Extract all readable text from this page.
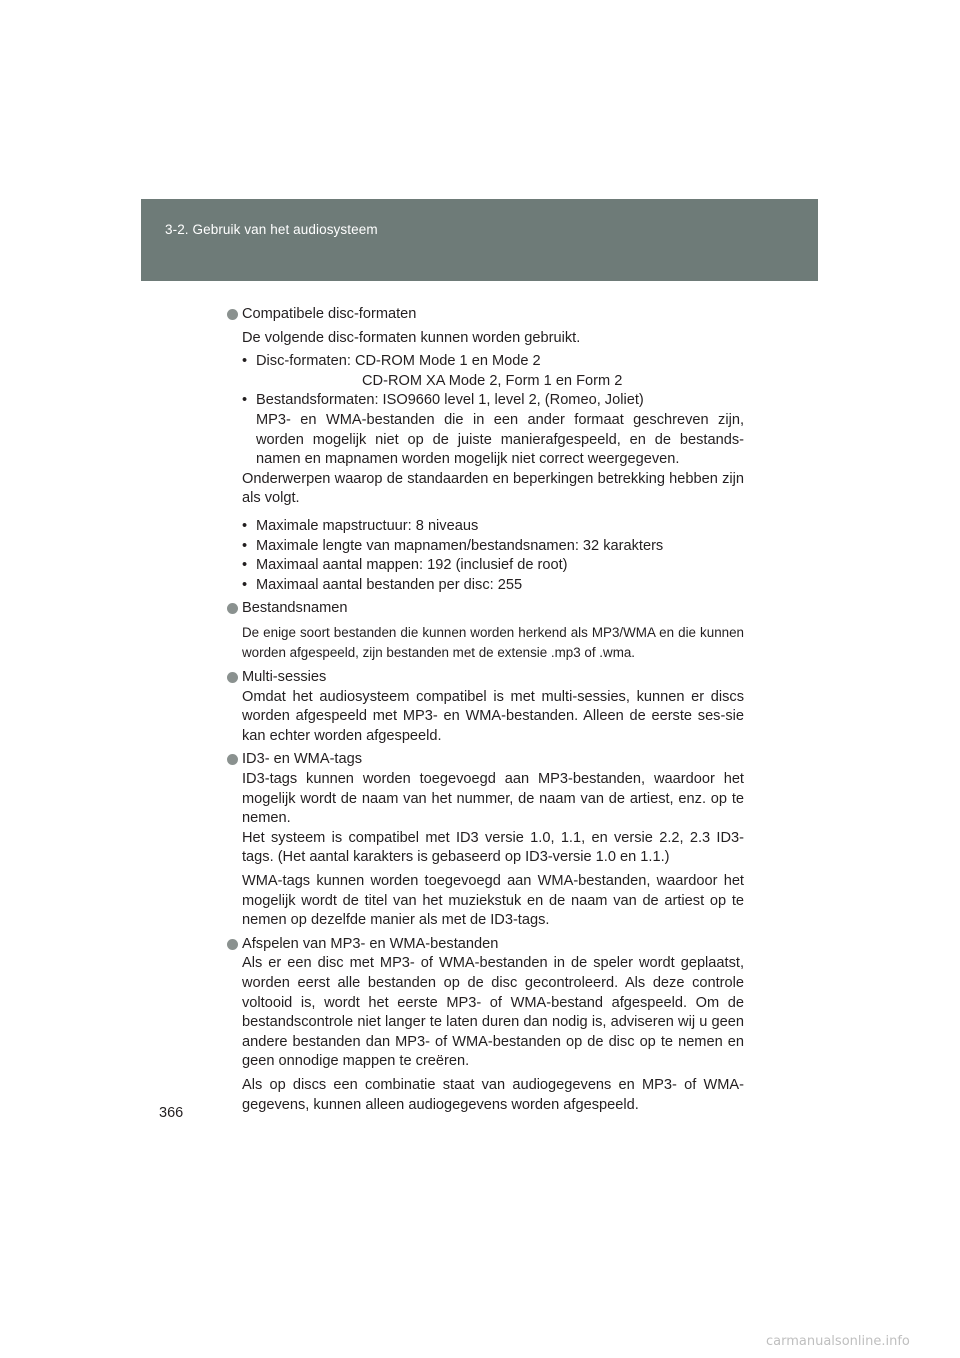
3-2. Gebruik van het audiosysteem
Compatibele disc-formaten
De volgende disc-formaten kunnen worden gebruikt.
• Disc-formaten: CD-ROM Mode 1 en Mode 2
CD-ROM XA Mode 2, Form 1 en Form 2
• Bestandsformaten: ISO9660 level 1, level 2, (Romeo, Joliet)
MP3- en WMA-bestanden die in een ander formaat geschreven zijn, worden mogelijk niet op de juiste manierafgespeeld, en de bestands-namen en mapnamen worden mogelijk niet correct weergegeven.
Onderwerpen waarop de standaarden en beperkingen betrekking hebben zijn als volgt.
• Maximale mapstructuur: 8 niveaus
• Maximale lengte van mapnamen/bestandsnamen: 32 karakters
• Maximaal aantal mappen: 192 (inclusief de root)
• Maximaal aantal bestanden per disc: 255
Bestandsnamen
De enige soort bestanden die kunnen worden herkend als MP3/WMA en die kunnen worden afgespeeld, zijn bestanden met de extensie .mp3 of .wma.
Multi-sessies
Omdat het audiosysteem compatibel is met multi-sessies, kunnen er discs worden afgespeeld met MP3- en WMA-bestanden. Alleen de eerste ses-sie kan echter worden afgespeeld.
ID3- en WMA-tags
ID3-tags kunnen worden toegevoegd aan MP3-bestanden, waardoor het mogelijk wordt de naam van het nummer, de naam van de artiest, enz. op te nemen.
Het systeem is compatibel met ID3 versie 1.0, 1.1, en versie 2.2, 2.3 ID3-tags. (Het aantal karakters is gebaseerd op ID3-versie 1.0 en 1.1.)
WMA-tags kunnen worden toegevoegd aan WMA-bestanden, waardoor het mogelijk wordt de titel van het muziekstuk en de naam van de artiest op te nemen op dezelfde manier als met de ID3-tags.
Afspelen van MP3- en WMA-bestanden
Als er een disc met MP3- of WMA-bestanden in de speler wordt geplaatst, worden eerst alle bestanden op de disc gecontroleerd. Als deze controle voltooid is, wordt het eerste MP3- of WMA-bestand afgespeeld. Om de bestandscontrole niet langer te laten duren dan nodig is, adviseren wij u geen andere bestanden dan MP3- of WMA-bestanden op de disc op te nemen en geen onnodige mappen te creëren.
Als op discs een combinatie staat van audiogegevens en MP3- of WMA-gegevens, kunnen alleen audiogegevens worden afgespeeld.
366
carmanualsonline.info
